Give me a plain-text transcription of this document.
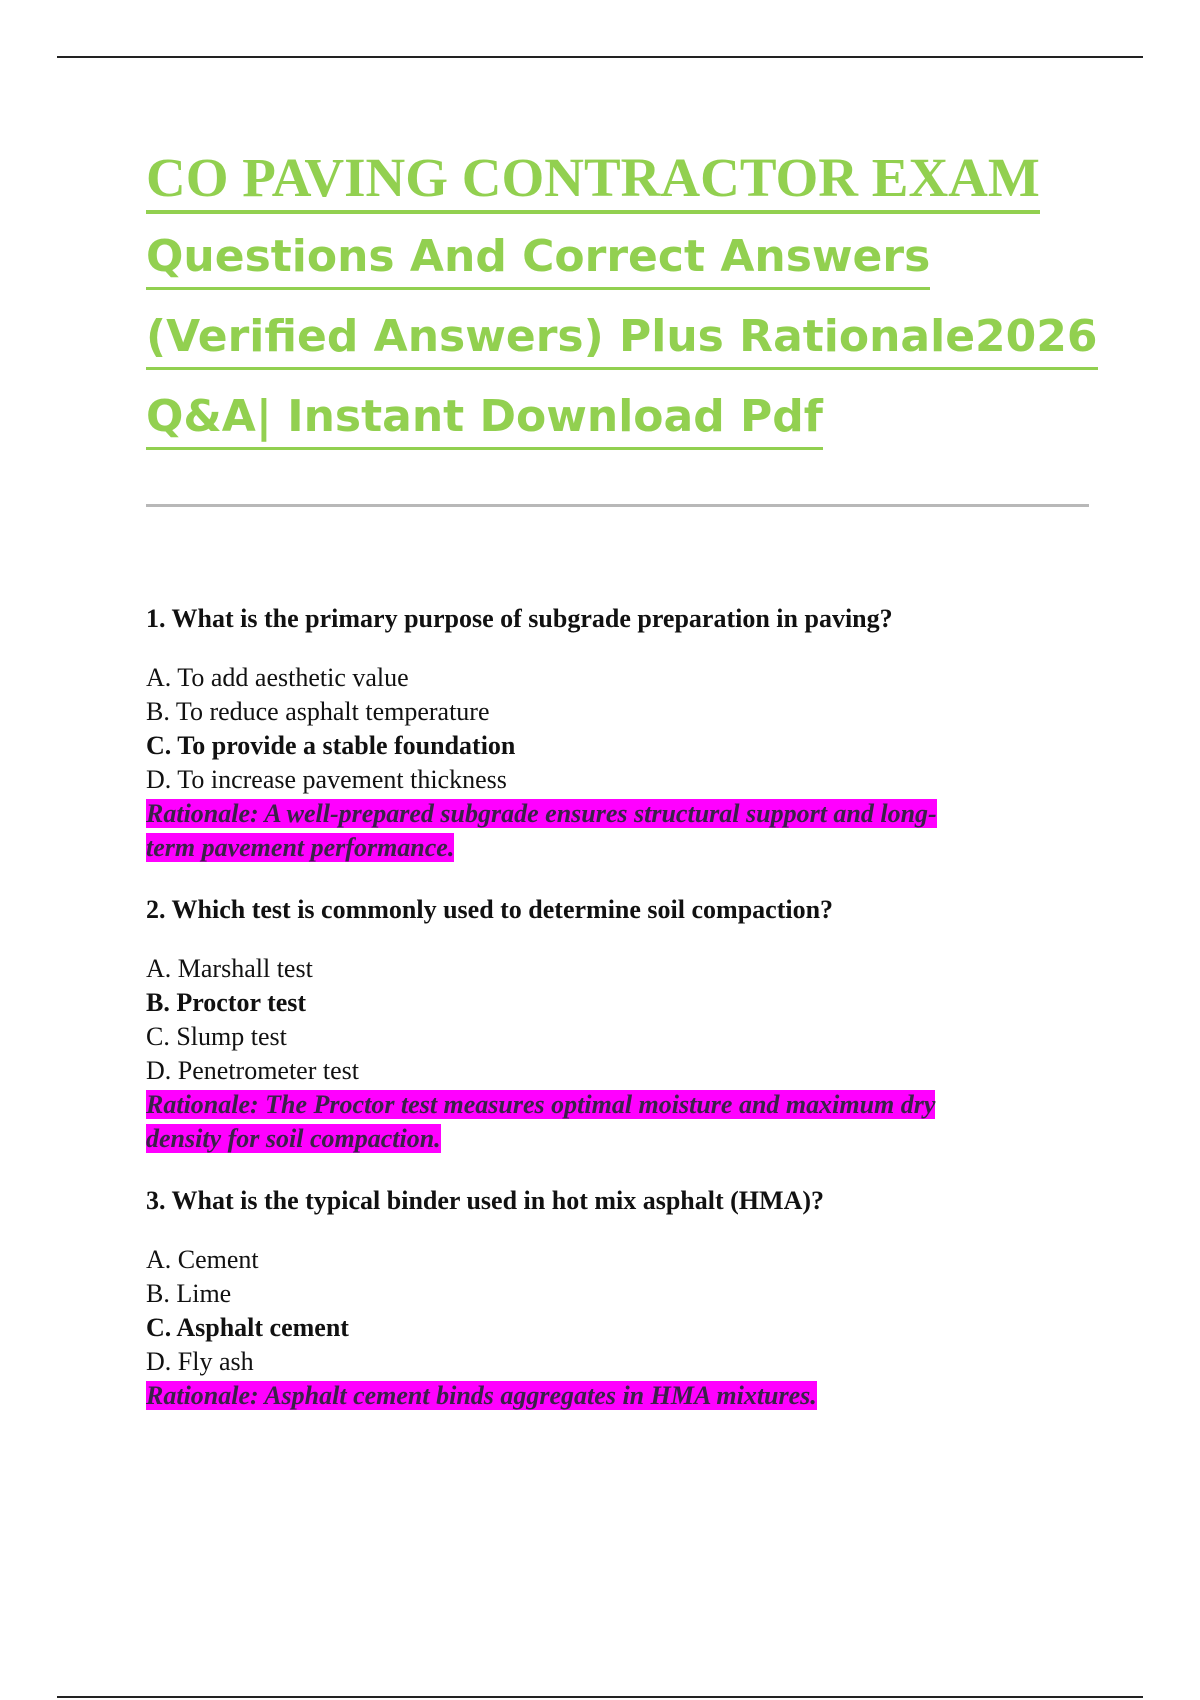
CO PAVING CONTRACTOR EXAM
Questions And Correct Answers
(Verified Answers) Plus Rationale2026
Q&A| Instant Download Pdf

1. What is the primary purpose of subgrade preparation in paving?

A. To add aesthetic value

B. To reduce asphalt temperature

C. To provide a stable foundation

D. To increase pavement thickness

Rationale: A well-prepared subgrade ensures structural support and long-
term pavement performance.

2. Which test is commonly used to determine soil compaction?

A. Marshall test

B. Proctor test

C. Slump test

D. Penetrometer test

Rationale: The Proctor test measures optimal moisture and maximum dry
density for soil compaction.

3. What is the typical binder used in hot mix asphalt (HMA)?

A. Cement

B. Lime

C. Asphalt cement

D. Fly ash

Rationale: Asphalt cement binds aggregates in HMA mixtures.
